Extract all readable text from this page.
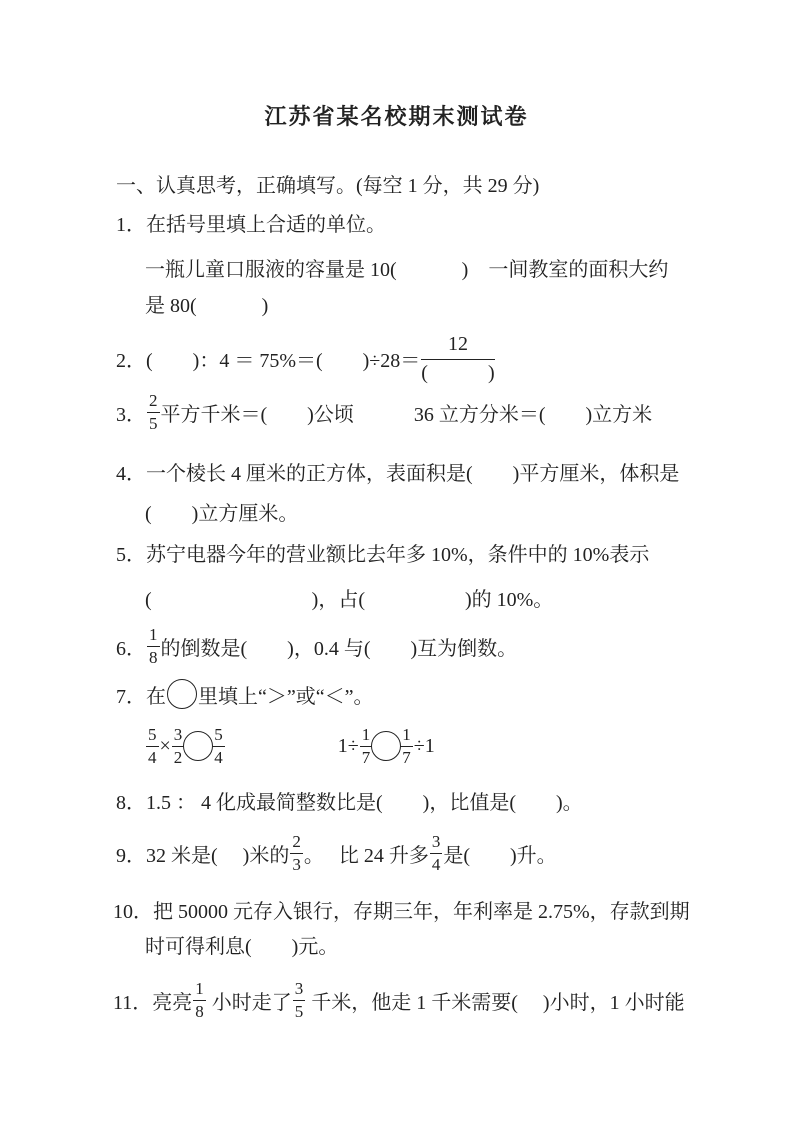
江苏省某名校期末测试卷
一、认真思考，正确填写。(每空 1 分，共 29 分)
1．在括号里填上合适的单位。
一瓶儿童口服液的容量是 10(　　　 )　一间教室的面积大约
是 80(　　　 )
2．(　　)：4 ＝ 75%＝(　　)$\div 28= \frac{12}{( )}$
3． $\frac{2}{5}$ 平方千米＝(　　)公顷　　　36 立方分米＝(　　)立方米
4．一个棱长 4 厘米的正方体，表面积是(　　)平方厘米，体积是
(　　)立方厘米。
5．苏宁电器今年的营业额比去年多 10%，条件中的 10%表示
(　　　　　　　　)，占(　　　　　)的 10%。
6． $\frac{1}{8}$ 的倒数是(　　)，0.4 与(　　)互为倒数。
7．在 里填上“＞”或“＜”。
$\frac{5}{4} \times \frac{3}{2} \frac{5}{4}$	$1\div \frac{1}{7} \frac{1}{7} \div 1$
8．1.5 ： 4 化成最简整数比是(　　)，比值是(　　)。
9．32 米是(　 )米的 $\frac{2}{3}$ 。　 比 24 升多 $\frac{3}{4}$ 是(　　)升。
10．把 50000 元存入银行，存期三年，年利率是 2.75%，存款到期
时可得利息(　　)元。
11．亮亮 $\frac{1}{8}$ 小时走了 $\frac{3}{5}$ 千米，他走 1 千米需要(　 )小时，1 小时能
